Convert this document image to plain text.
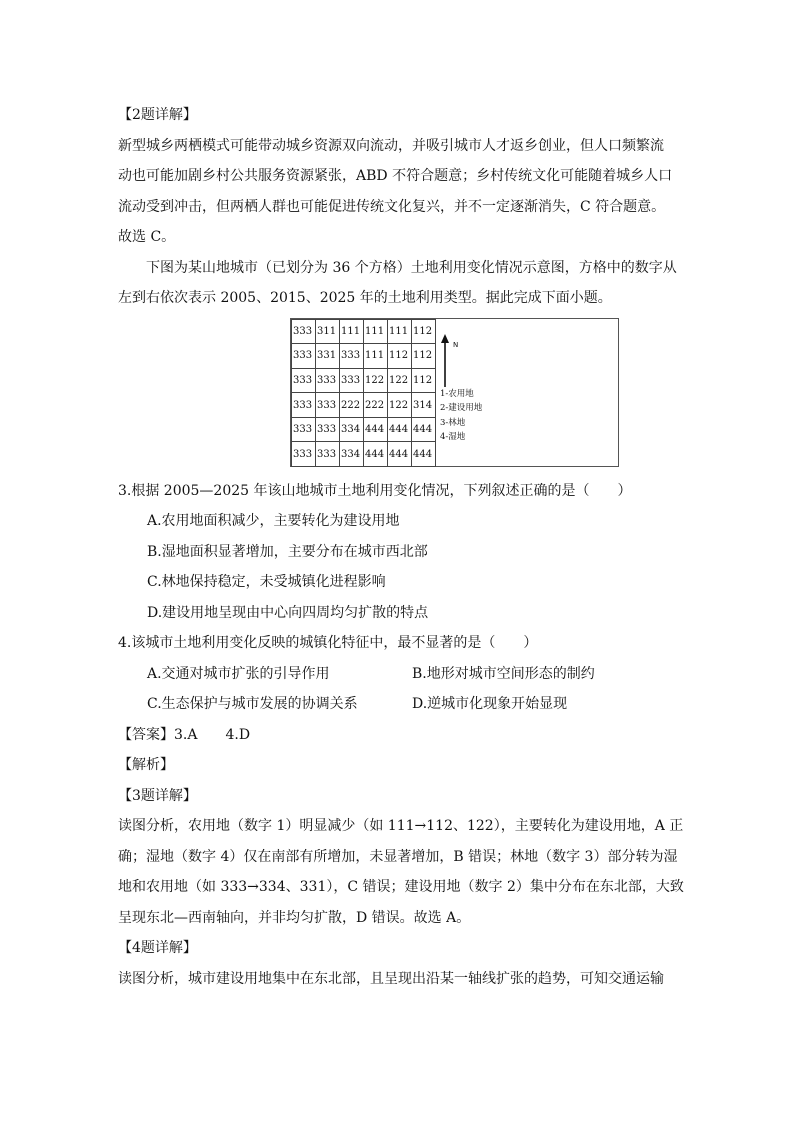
【2题详解】
新型城乡两栖模式可能带动城乡资源双向流动，并吸引城市人才返乡创业，但人口频繁流
动也可能加剧乡村公共服务资源紧张，ABD 不符合题意；乡村传统文化可能随着城乡人口
流动受到冲击，但两栖人群也可能促进传统文化复兴，并不一定逐渐消失，C 符合题意。
故选 C。
下图为某山地城市（已划分为 36 个方格）土地利用变化情况示意图，方格中的数字从
左到右依次表示 2005、2015、2025 年的土地利用类型。据此完成下面小题。
333	311	111	111	111	112
333	331	333	111	112	112
333	333	333	122	122	112
333	333	222	222	122	314
333	333	334	444	444	444
333	333	334	444	444	444
N
1-农用地
2-建设用地
3-林地
4-湿地
3.根据 2005—2025 年该山地城市土地利用变化情况，下列叙述正确的是（　　）
A.农用地面积减少，主要转化为建设用地
B.湿地面积显著增加，主要分布在城市西北部
C.林地保持稳定，未受城镇化进程影响
D.建设用地呈现由中心向四周均匀扩散的特点
4.该城市土地利用变化反映的城镇化特征中，最不显著的是（　　）
A.交通对城市扩张的引导作用	B.地形对城市空间形态的制约
C.生态保护与城市发展的协调关系	D.逆城市化现象开始显现
【答案】3.A　　4.D
【解析】
【3题详解】
读图分析，农用地（数字 1）明显减少（如 111→112、122），主要转化为建设用地，A 正
确；湿地（数字 4）仅在南部有所增加，未显著增加，B 错误；林地（数字 3）部分转为湿
地和农用地（如 333→334、331），C 错误；建设用地（数字 2）集中分布在东北部，大致
呈现东北—西南轴向，并非均匀扩散，D 错误。故选 A。
【4题详解】
读图分析，城市建设用地集中在东北部，且呈现出沿某一轴线扩张的趋势，可知交通运输
